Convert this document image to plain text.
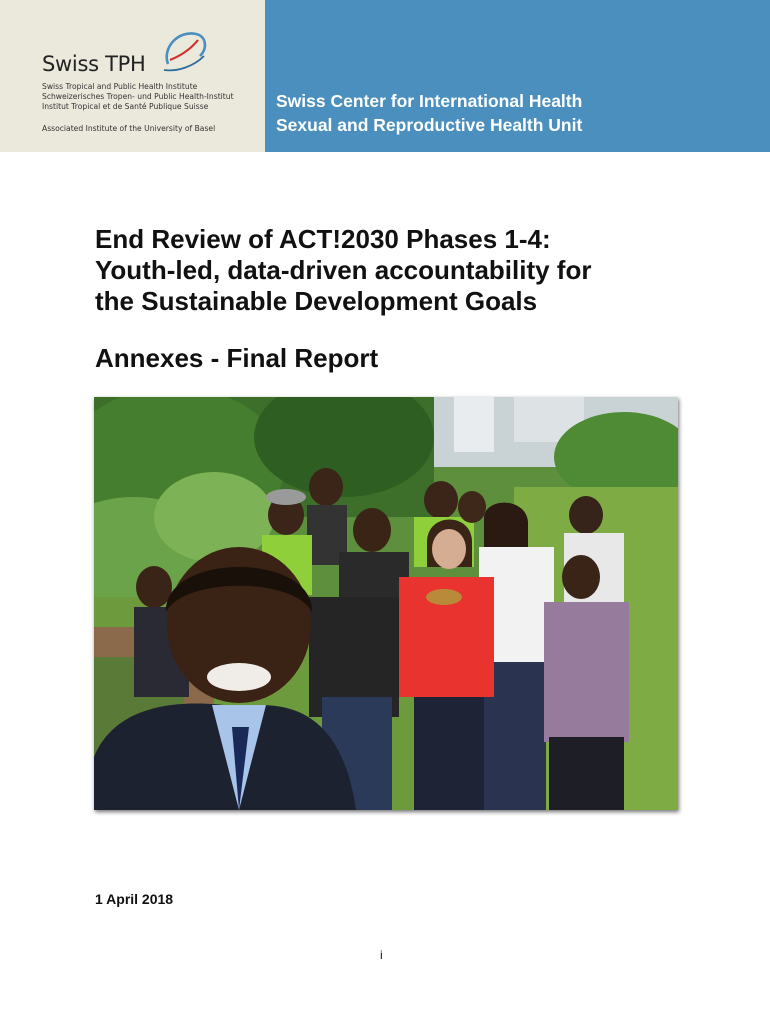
Swiss TPH
Swiss Tropical and Public Health Institute
Schweizerisches Tropen- und Public Health-Institut
Institut Tropical et de Santé Publique Suisse
Associated Institute of the University of Basel
Swiss Center for International Health
Sexual and Reproductive Health Unit
End Review of ACT!2030 Phases 1-4:
Youth-led, data-driven accountability for
the Sustainable Development Goals
Annexes - Final Report
1 April 2018
i
